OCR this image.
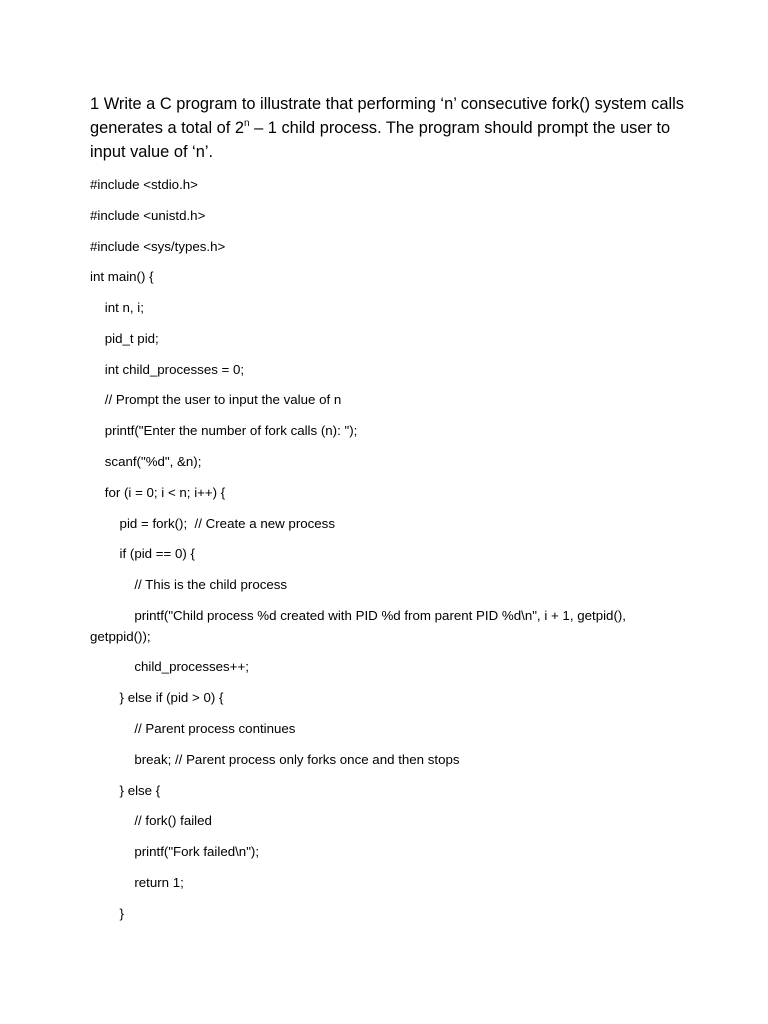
1 Write a C program to illustrate that performing ‘n’ consecutive fork() system calls
generates a total of 2$^n$ – 1 child process. The program should prompt the user to
input value of ‘n’.
#include <stdio.h>
#include <unistd.h>
#include <sys/types.h>
int main() {
int n, i;
pid_t pid;
int child_processes = 0;
// Prompt the user to input the value of n
printf("Enter the number of fork calls (n): ");
scanf("%d", &n);
for (i = 0; i < n; i++) {
pid = fork();  // Create a new process
if (pid == 0) {
// This is the child process
printf("Child process %d created with PID %d from parent PID %d\n", i + 1, getpid(),
getppid());
child_processes++;
} else if (pid > 0) {
// Parent process continues
break; // Parent process only forks once and then stops
} else {
// fork() failed
printf("Fork failed\n");
return 1;
}
